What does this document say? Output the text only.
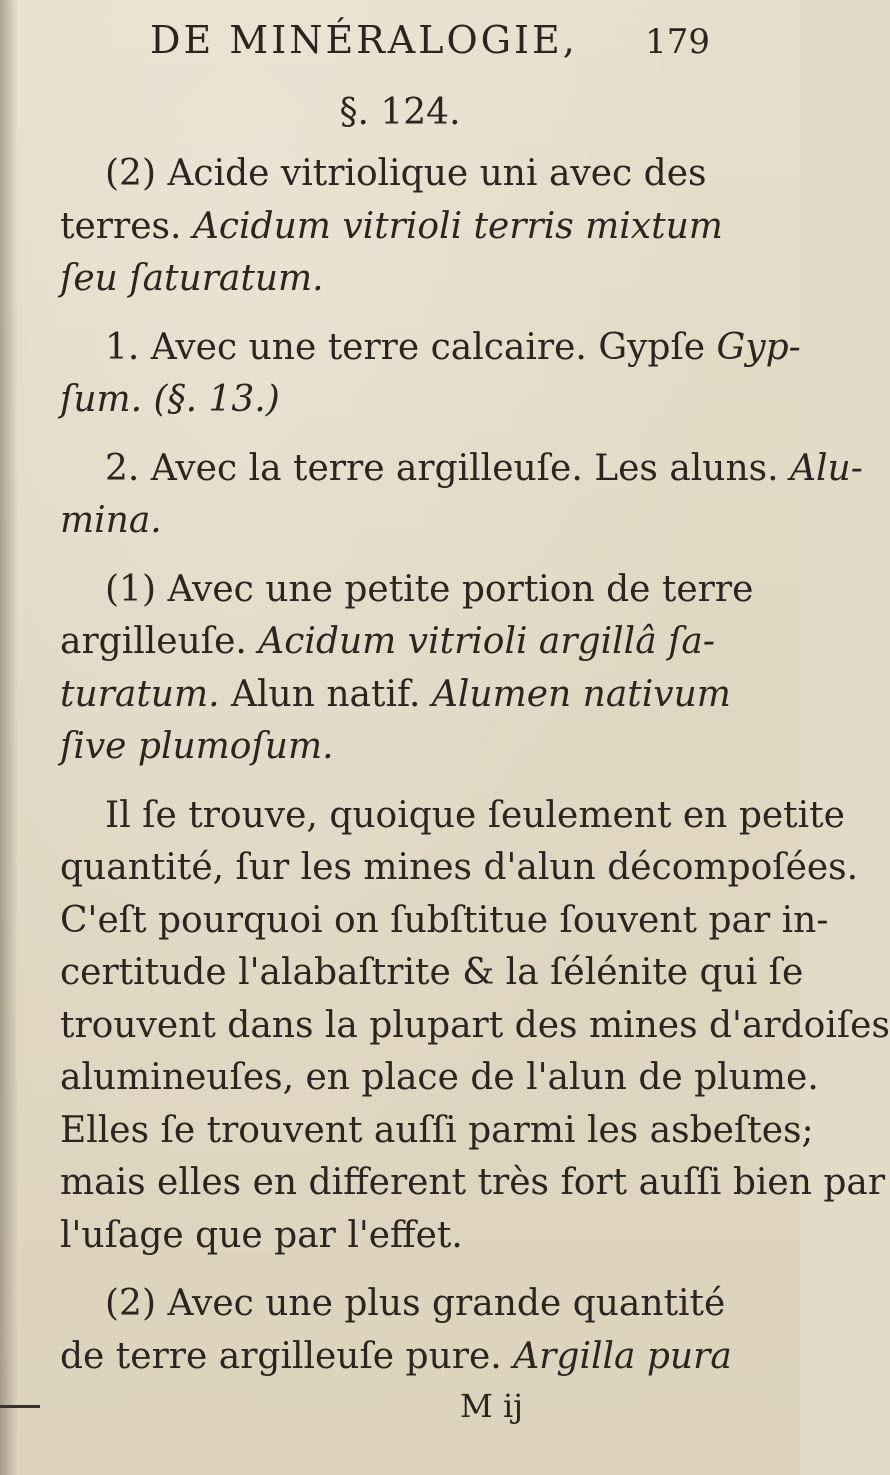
DE MINÉRALOGIE, 179
§. 124.
(2) Acide vitriolique uni avec des
terres. Acidum vitrioli terris mixtum
ſeu ſaturatum.
1. Avec une terre calcaire. Gypſe Gyp-
ſum. (§. 13.)
2. Avec la terre argilleuſe. Les aluns. Alu-
mina.
(1) Avec une petite portion de terre
argilleuſe. Acidum vitrioli argillâ ſa-
turatum. Alun natif. Alumen nativum
ſive plumoſum.
Il ſe trouve, quoique ſeulement en petite
quantité, ſur les mines d'alun décompoſées.
C'eſt pourquoi on ſubſtitue ſouvent par in-
certitude l'alabaſtrite & la ſélénite qui ſe
trouvent dans la plupart des mines d'ardoiſes
alumineuſes, en place de l'alun de plume.
Elles ſe trouvent auſſi parmi les asbeſtes;
mais elles en different très fort auſſi bien par
l'uſage que par l'effet.
(2) Avec une plus grande quantité
de terre argilleuſe pure. Argilla pura
M ij
